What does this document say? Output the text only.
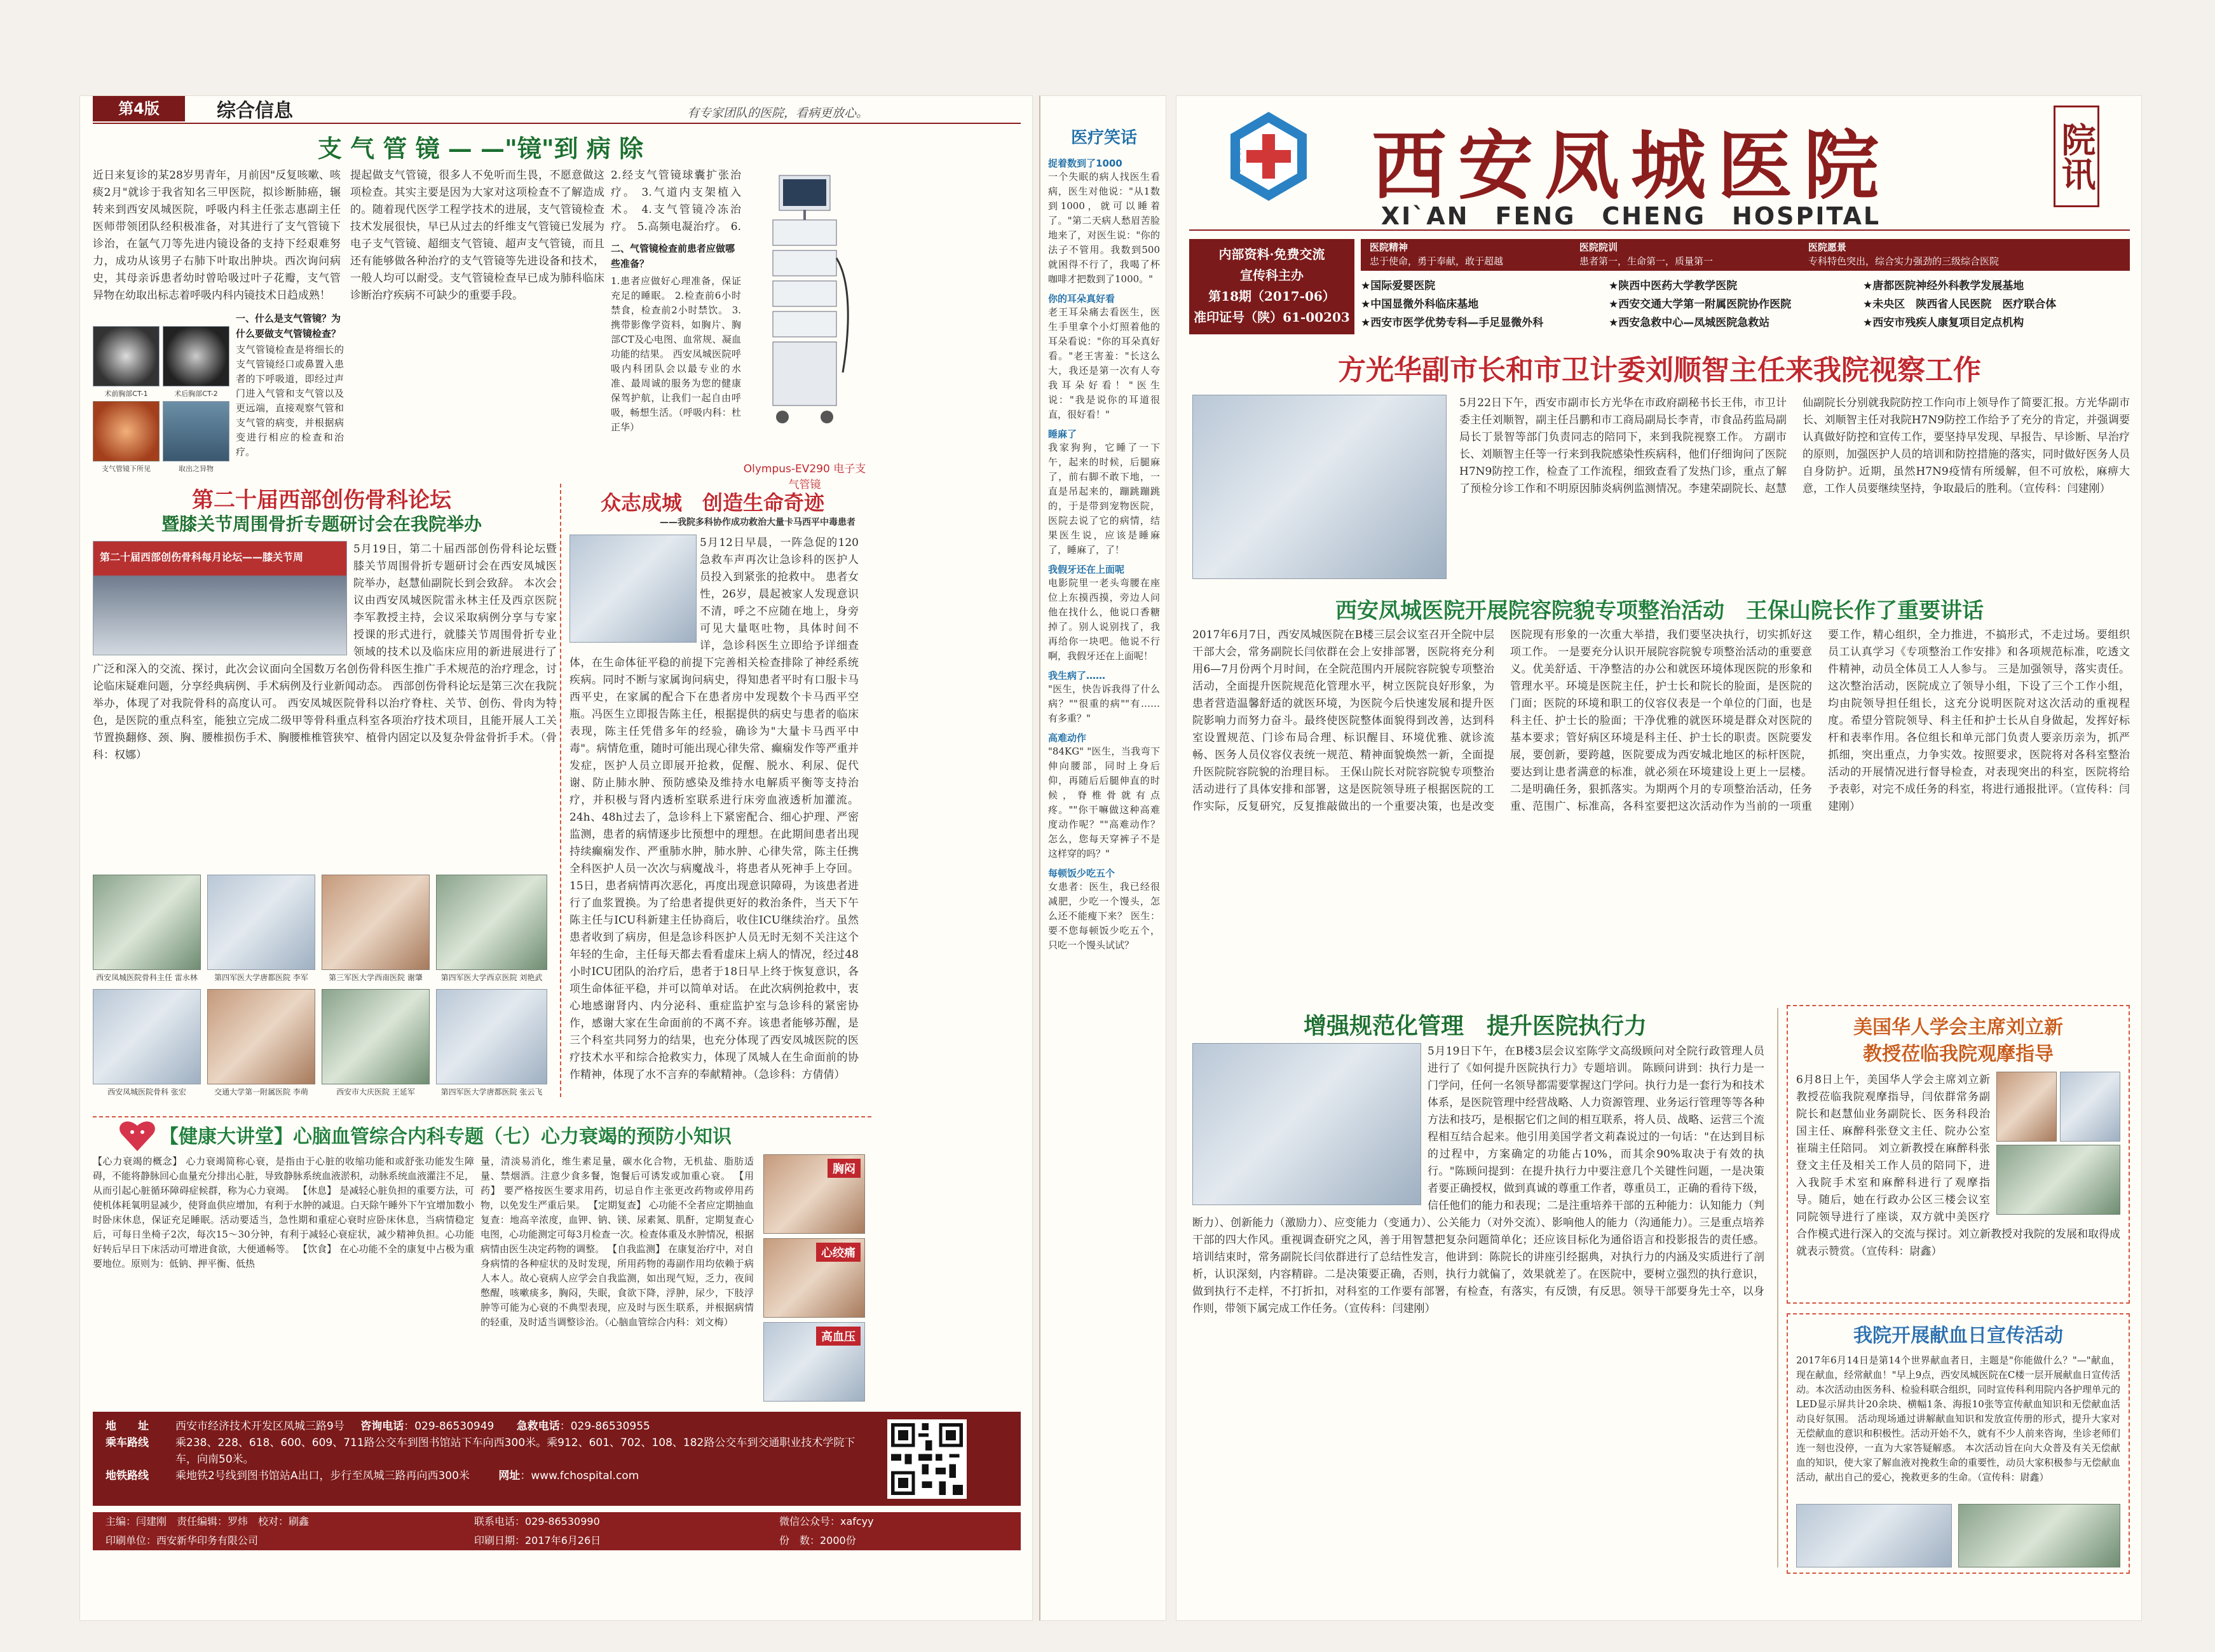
第4版	综合信息	有专家团队的医院，看病更放心。
支 气 管 镜 — —"镜"到 病 除
近日来复诊的某28岁男青年，月前因"反复咳嗽、咳痰2月"就诊于我省知名三甲医院，拟诊断肺癌，辗转来到西安凤城医院，呼吸内科主任张志惠副主任医师带领团队经积极准备，对其进行了支气管镜下诊治，在氩气刀等先进内镜设备的支持下经艰难努力，成功从该男子右肺下叶取出肿块。西次询问病史，其母亲诉患者幼时曾哈吸过叶子花瓣，支气管异物在幼取出标志着呼吸内科内镜技术日趋成熟！
一、什么是支气管镜？为什么要做支气管镜检查？
术前胸部CT-1	术后胸部CT-2
支气管镜下所见	取出之异物
支气管镜检查是将细长的支气管镜经口或鼻置入患者的下呼吸道，即经过声门进入气管和支气管以及更远端，直接观察气管和支气管的病变，并根据病变进行相应的检查和治疗。
提起做支气管镜，很多人不免听而生畏，不愿意做这项检查。其实主要是因为大家对这项检查不了解造成的。随着现代医学工程学技术的进展，支气管镜检查技术发展很快，早已从过去的纤维支气管镜已发展为电子支气管镜、超细支气管镜、超声支气管镜，而且还有能够做各种治疗的支气管镜等先进设备和技术，一般人均可以耐受。支气管镜检查早已成为肺科临床诊断治疗疾病不可缺少的重要手段。
2.经支气管镜球囊扩张治疗。 3.气道内支架植入术。 4.支气管镜冷冻治疗。 5.高频电凝治疗。 6.
二、气管镜检查前患者应做哪些准备？
1.患者应做好心理准备，保证充足的睡眠。 2.检查前6小时禁食，检查前2小时禁饮。 3.携带影像学资料，如胸片、胸部CT及心电图、血常规、凝血功能的结果。 西安凤城医院呼吸内科团队会以最专业的水准、最周诚的服务为您的健康保驾护航，让我们一起自由呼吸，畅想生活。（呼吸内科：杜正华）
Olympus-EV290 电子支气管镜
第二十届西部创伤骨科论坛
暨膝关节周围骨折专题研讨会在我院举办
第二十届西部创伤骨科每月论坛——膝关节周
5月19日，第二十届西部创伤骨科论坛暨膝关节周围骨折专题研讨会在西安凤城医院举办，赵慧仙副院长到会致辞。 本次会议由西安凤城医院雷永林主任及西京医院李军教授主持，会议采取病例分享与专家授课的形式进行，就膝关节周围骨折专业领域的技术以及临床应用的新进展进行了广泛和深入的交流、探讨，此次会议面向全国数万名创伤骨科医生推广手术规范的治疗理念，讨论临床疑难问题，分享经典病例、手术病例及行业新闻动态。 西部创伤骨科论坛是第三次在我院举办，体现了对我院骨科的高度认可。 西安凤城医院骨科以治疗脊柱、关节、创伤、骨肉为特色，是医院的重点科室，能独立完成二级甲等骨科重点科室各项治疗技术项目，且能开展人工关节置换翻修、颈、胸、腰椎损伤手术、胸腰椎椎管狭窄、植骨内固定以及复杂骨盆骨折手术。（骨科：权娜）
西安凤城医院骨科主任 雷永林	第四军医大学唐都医院 李军	第三军医大学西南医院 谢肇	第四军医大学西京医院 刘艳武
西安凤城医院骨科 张宏	交通大学第一附属医院 李萌	西安市大庆医院 王延军	第四军医大学唐都医院 张云飞
众志成城　创造生命奇迹
——我院多科协作成功救治大量卡马西平中毒患者
5月12日早晨，一阵急促的120急救车声再次让急诊科的医护人员投入到紧张的抢救中。 患者女性，26岁，晨起被家人发现意识不清，呼之不应随在地上，身旁可见大量呕吐物，具体时间不详，急诊科医生立即给予详细查体，在生命体征平稳的前提下完善相关检查排除了神经系统疾病。同时不断与家属询问病史，得知患者平时有口服卡马西平史，在家属的配合下在患者房中发现数个卡马西平空瓶。冯医生立即报告陈主任，根据提供的病史与患者的临床表现，陈主任凭借多年的经验，确诊为"大量卡马西平中毒"。病情危重，随时可能出现心律失常、癫痫发作等严重并发症，医护人员立即展开抢救，促醒、脱水、利尿、促代谢、防止肺水肿、预防感染及维持水电解质平衡等支持治疗，并积极与肾内透析室联系进行床旁血液透析加灌流。 24h、48h过去了，急诊科上下紧密配合、细心护理、严密监测，患者的病情逐步比预想中的理想。在此期间患者出现持续癫痫发作、严重肺水肿，肺水肿、心律失常，陈主任携全科医护人员一次次与病魔战斗，将患者从死神手上夺回。15日，患者病情再次恶化，再度出现意识障碍，为该患者进行了血浆置换。为了给患者提供更好的救治条件，当天下午陈主任与ICU科新建主任协商后，收住ICU继续治疗。虽然患者收到了病房，但是急诊科医护人员无时无刻不关注这个年轻的生命，主任每天都去看看虚床上病人的情况，经过48小时ICU团队的治疗后，患者于18日早上终于恢复意识，各项生命体征平稳，并可以简单对话。 在此次病例抢救中，衷心地感谢肾内、内分泌科、重症监护室与急诊科的紧密协作，感谢大家在生命面前的不离不弃。该患者能够苏醒，是三个科室共同努力的结果，也充分体现了西安凤城医院的医疗技术水平和综合抢救实力，体现了凤城人在生命面前的协作精神，体现了水不言弃的奉献精神。（急诊科：方倩倩）
【健康大讲堂】心脑血管综合内科专题（七）心力衰竭的预防小知识
【心力衰竭的概念】 心力衰竭简称心衰，是指由于心脏的收缩功能和或舒张功能发生障碍，不能将静脉回心血量充分排出心脏，导致静脉系统血液淤积，动脉系统血液灌注不足，从而引起心脏循环障碍症候群，称为心力衰竭。 【休息】 是减轻心脏负担的重要方法，可使机体耗氧明显减少，使肾血供应增加，有利于水肿的减退。白天除午睡外下午宜增加数小时卧床休息，保证充足睡眠。活动要适当，急性期和重症心衰时应卧床休息，当病情稳定后，可每日坐椅子2次，每次15～30分钟，有利于减轻心衰症状，减少精神负担。心功能好转后早日下床活动可增进食欲，大便通畅等。 【饮食】 在心功能不全的康复中占极为重要地位。原则为：低钠、押平衡、低热
量，清淡易消化，维生素足量，碳水化合物，无机盐、脂肪适量、禁烟酒。注意少食多餐，饱餐后可诱发或加重心衰。 【用药】 要严格按医生要求用药，切忌自作主张更改药物或停用药物，以免发生严重后果。 【定期复查】 心功能不全者应定期抽血复查：地高辛浓度，血钾、钠、镁、尿素氮、肌酐，定期复查心电图，心功能测定可每3月检查一次。检查体重及水肿情况，根据病情由医生决定药物的调整。 【自我监测】 在康复治疗中，对自身病情的各种症状的及时发现，所用药物的毒副作用均依赖于病人本人。故心衰病人应学会自我监测，如出现气短，乏力，夜间憋醒，咳嗽痰多，胸闷，失眠，食欲下降，浮肿，尿少，下肢浮肿等可能为心衰的不典型表现，应及时与医生联系，并根据病情的轻重，及时适当调整诊治。（心脑血管综合内科：刘文梅）
胸闷
心绞痛
高血压
地　　址 西安市经济技术开发区凤城三路9号 咨询电话：029-86530949 急救电话：029-86530955
乘车路线	乘238、228、618、600、609、711路公交车到图书馆站下车向西300米。乘912、601、702、108、182路公交车到交通职业技术学院下车，向南50米。
地铁路线 乘地铁2号线到图书馆站A出口，步行至凤城三路再向西300米	网址：www.fchospital.com
主编：闫建刚　责任编辑：罗炜　校对：刷鑫	联系电话：029-86530990	微信公众号：xafcyy
印刷单位：西安新华印务有限公司	印刷日期：2017年6月26日	份　数：2000份
医疗笑话
捉着数到了1000
一个失眠的病人找医生看病，医生对他说："从1数到1000，就可以睡着了。"第二天病人愁眉苦脸地来了，对医生说："你的法子不管用。我数到500就困得不行了，我喝了杯咖啡才把数到了1000。"
你的耳朵真好看
老王耳朵痛去看医生，医生手里拿个小灯照着他的耳朵看说："你的耳朵真好看。"老王害羞："长这么大，我还是第一次有人夸我耳朵好看！"医生说："我是说你的耳道很直，很好看！"
睡麻了
我家狗狗，它睡了一下午，起来的时候，后腿麻了，前右脚不敢下地，一直是吊起来的，蹦跳蹦跳的，于是带到宠物医院，医院去说了它的病情，结果医生说，应该是睡麻了，睡麻了，了！
我假牙还在上面呢
电影院里一老头弯腰在座位上东摸西摸，旁边人问他在找什么，他说口香糖掉了。别人说别找了，我再给你一块吧。他说不行啊，我假牙还在上面呢！
我生病了……
"医生，快告诉我得了什么病？""很重的病""有……有多重？"
高难动作
"84KG" "医生，当我弯下伸向腰部，同时上身后仰，再随后后腿伸直的时候，脊椎骨就有点疼。""你干嘛做这种高难度动作呢？""高难动作？怎么，您每天穿裤子不是这样穿的吗？"
每顿饭少吃五个
女患者：医生，我已经很减肥，少吃一个馒头，怎么还不能瘦下来？ 医生：要不您每顿饭少吃五个，只吃一个馒头试试？
FCH	西安凤城医院
XI`AN　FENG　CHENG　HOSPITAL
院讯
内部资料·免费交流
宣传科主办
第18期（2017-06）
准印证号（陕）61-00203
医院精神
忠于使命，勇于奉献，敢于超越
医院院训
患者第一，生命第一，质量第一
医院愿景
专科特色突出，综合实力强劲的三级综合医院
★国际爱婴医院
★中国显微外科临床基地
★西安市医学优势专科—手足显微外科
★陕西中医药大学教学医院
★西安交通大学第一附属医院协作医院
★西安急救中心—凤城医院急救站
★唐都医院神经外科教学发展基地
★未央区　陕西省人民医院　医疗联合体
★西安市残疾人康复项目定点机构
方光华副市长和市卫计委刘顺智主任来我院视察工作
5月22日下午，西安市副市长方光华在市政府副秘书长王伟，市卫计委主任刘顺智，副主任吕鹏和市工商局副局长李青，市食品药监局副局长丁景智等部门负责同志的陪同下，来到我院视察工作。 方副市长、刘顺智主任等一行来到我院感染性疾病科，他们仔细询问了医院H7N9防控工作，检查了工作流程，细致查看了发热门诊，重点了解了预检分诊工作和不明原因肺炎病例监测情况。李建荣副院长、赵慧仙副院长分别就我院防控工作向市上领导作了简要汇报。方光华副市长、刘顺智主任对我院H7N9防控工作给予了充分的肯定，并强调要认真做好防控和宣传工作，要坚持早发现、早报告、早诊断、早治疗的原则，加强医护人员的培训和防控措施的落实，同时做好医务人员自身防护。近期，虽然H7N9疫情有所缓解，但不可放松，麻痹大意，工作人员要继续坚持，争取最后的胜利。（宣传科：闫建刚）
西安凤城医院开展院容院貌专项整治活动　王保山院长作了重要讲话
2017年6月7日，西安凤城医院在B楼三层会议室召开全院中层干部大会，常务副院长闫依群在会上安排部署，医院将充分利用6—7月份两个月时间，在全院范围内开展院容院貌专项整治活动，全面提升医院规范化管理水平，树立医院良好形象，为患者营造温馨舒适的就医环境，为医院今后快速发展和提升医院影响力而努力奋斗。最终使医院整体面貌得到改善，达到科室设置规范、门诊布局合理、标识醒目、环境优雅、就诊流畅、医务人员仪容仪表统一规范、精神面貌焕然一新，全面提升医院院容院貌的治理目标。 王保山院长对院容院貌专项整治活动进行了具体安排和部署，这是医院领导班子根据医院的工作实际，反复研究，反复推敲做出的一个重要决策，也是改变医院现有形象的一次重大举措，我们要坚决执行，切实抓好这项工作。 一是要充分认识开展院容院貌专项整治活动的重要意义。优美舒适、干净整洁的办公和就医环境体现医院的形象和管理水平。环境是医院主任，护士长和院长的脸面，是医院的门面；医院的环境和职工的仪容仪表是一个单位的门面，也是科主任、护士长的脸面；干净优雅的就医环境是群众对医院的基本要求；管好病区环境是科主任、护士长的职责。医院要发展，要创新，要跨越，医院要成为西安城北地区的标杆医院，要达到让患者满意的标准，就必须在环境建设上更上一层楼。 二是明确任务，狠抓落实。为期两个月的专项整治活动，任务重、范围广、标准高，各科室要把这次活动作为当前的一项重要工作，精心组织，全力推进，不搞形式，不走过场。要组织员工认真学习《专项整治工作安排》和各项规范标准，吃透文件精神，动员全体员工人人参与。 三是加强领导，落实责任。这次整治活动，医院成立了领导小组，下设了三个工作小组，均由院领导担任组长，这充分说明医院对这次活动的重视程度。希望分管院领导、科主任和护士长从自身做起，发挥好标杆和表率作用。各位组长和单元部门负责人要亲历亲为，抓严抓细，突出重点，力争实效。按照要求，医院将对各科室整治活动的开展情况进行督导检查，对表现突出的科室，医院将给予表彰，对完不成任务的科室，将进行通报批评。（宣传科：闫建刚）
增强规范化管理　提升医院执行力
5月19日下午，在B楼3层会议室陈学文高级顾问对全院行政管理人员进行了《如何提升医院执行力》专题培训。 陈顾问讲到：执行力是一门学问，任何一名领导都需要掌握这门学问。执行力是一套行为和技术体系，是医院管理中经营战略、人力资源管理、业务运行管理等等各种方法和技巧，是根据它们之间的相互联系，将人员、战略、运营三个流程相互结合起来。他引用美国学者文莉森说过的一句话："在达到目标的过程中，方案确定的功能占10%，而其余90%取决于有效的执行。"陈顾问提到：在提升执行力中要注意几个关键性问题，一是决策者要正确授权，做到真诚的尊重工作者，尊重员工，正确的看待下级，信任他们的能力和表现；二是注重培养干部的五种能力：认知能力（判断力）、创新能力（激励力）、应变能力（变通力）、公关能力（对外交流）、影响他人的能力（沟通能力）。三是重点培养干部的四大作风。重视调查研究之风，善于用智慧把复杂问题简单化；还应该目标化为通俗语言和投影报告的责任感。 培训结束时，常务副院长闫依群进行了总结性发言，他讲到：陈院长的讲座引经据典，对执行力的内涵及实质进行了剖析，认识深刻，内容精辟。二是决策要正确，否则，执行力就偏了，效果就差了。在医院中，要树立强烈的执行意识，做到执行不走样，不打折扣，对科室的工作要有部署，有检查，有落实，有反馈，有反思。领导干部要身先士卒，以身作则，带领下属完成工作任务。（宣传科：闫建刚）
美国华人学会主席刘立新
教授莅临我院观摩指导
6月8日上午，美国华人学会主席刘立新教授莅临我院观摩指导，闫依群常务副院长和赵慧仙业务副院长、医务科段治国主任、麻醉科张登文主任、院办公室崔瑞主任陪同。 刘立新教授在麻醉科张登文主任及相关工作人员的陪同下，进入我院手术室和麻醉科进行了观摩指导。随后，她在行政办公区三楼会议室同院领导进行了座谈，双方就中美医疗合作模式进行深入的交流与探讨。刘立新教授对我院的发展和取得成就表示赞赏。（宣传科：尉鑫）
我院开展献血日宣传活动
2017年6月14日是第14个世界献血者日，主题是"你能做什么？"—"献血，现在献血，经常献血！"早上9点，西安凤城医院在C楼一层开展献血日宣传活动。本次活动由医务科、检验科联合组织，同时宣传科利用院内各护理单元的LED显示屏共计20余块、横幅1条、海报10张等宣传献血知识和无偿献血活动良好氛围。 活动现场通过讲解献血知识和发放宣传册的形式，提升大家对无偿献血的意识和积极性。活动开始不久，就有不少人前来咨询，坐诊老师们连一刻也没停，一直为大家答疑解惑。 本次活动旨在向大众普及有关无偿献血的知识，使大家了解血液对挽救生命的重要性，动员大家积极参与无偿献血活动，献出自己的爱心，挽救更多的生命。（宣传科：尉鑫）
